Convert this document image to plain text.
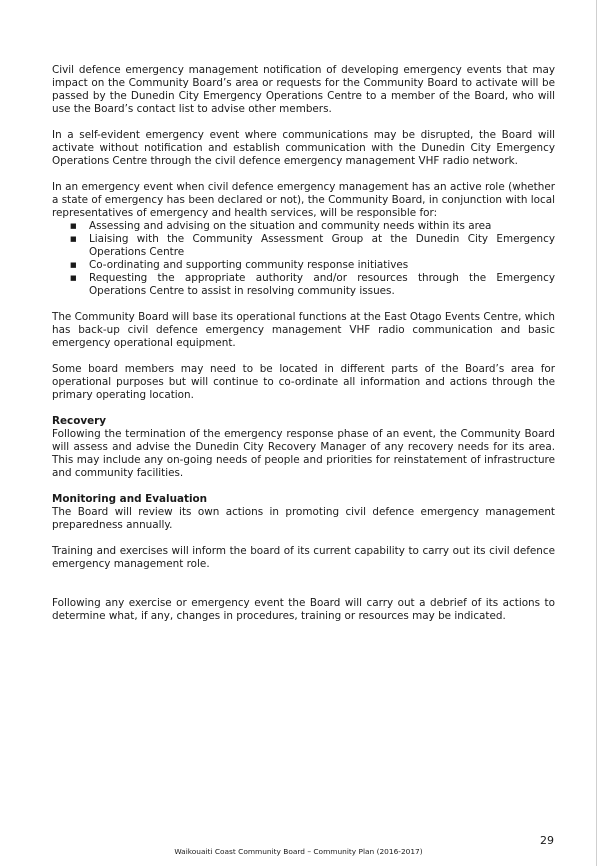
Civil defence emergency management notification of developing emergency events that may impact on the Community Board’s area or requests for the Community Board to activate will be passed by the Dunedin City Emergency Operations Centre to a member of the Board, who will use the Board’s contact list to advise other members.

In a self-evident emergency event where communications may be disrupted, the Board will activate without notification and establish communication with the Dunedin City Emergency Operations Centre through the civil defence emergency management VHF radio network.

In an emergency event when civil defence emergency management has an active role (whether a state of emergency has been declared or not), the Community Board, in conjunction with local representatives of emergency and health services, will be responsible for:

■ Assessing and advising on the situation and community needs within its area
■ Liaising with the Community Assessment Group at the Dunedin City Emergency Operations Centre
■ Co-ordinating and supporting community response initiatives
■ Requesting the appropriate authority and/or resources through the Emergency Operations Centre to assist in resolving community issues.

The Community Board will base its operational functions at the East Otago Events Centre, which has back-up civil defence emergency management VHF radio communication and basic emergency operational equipment.

Some board members may need to be located in different parts of the Board’s area for operational purposes but will continue to co-ordinate all information and actions through the primary operating location.

Recovery

Following the termination of the emergency response phase of an event, the Community Board will assess and advise the Dunedin City Recovery Manager of any recovery needs for its area. This may include any on-going needs of people and priorities for reinstatement of infrastructure and community facilities.

Monitoring and Evaluation

The Board will review its own actions in promoting civil defence emergency management preparedness annually.

Training and exercises will inform the board of its current capability to carry out its civil defence emergency management role.

Following any exercise or emergency event the Board will carry out a debrief of its actions to determine what, if any, changes in procedures, training or resources may be indicated.

29
Waikouaiti Coast Community Board – Community Plan (2016-2017)
